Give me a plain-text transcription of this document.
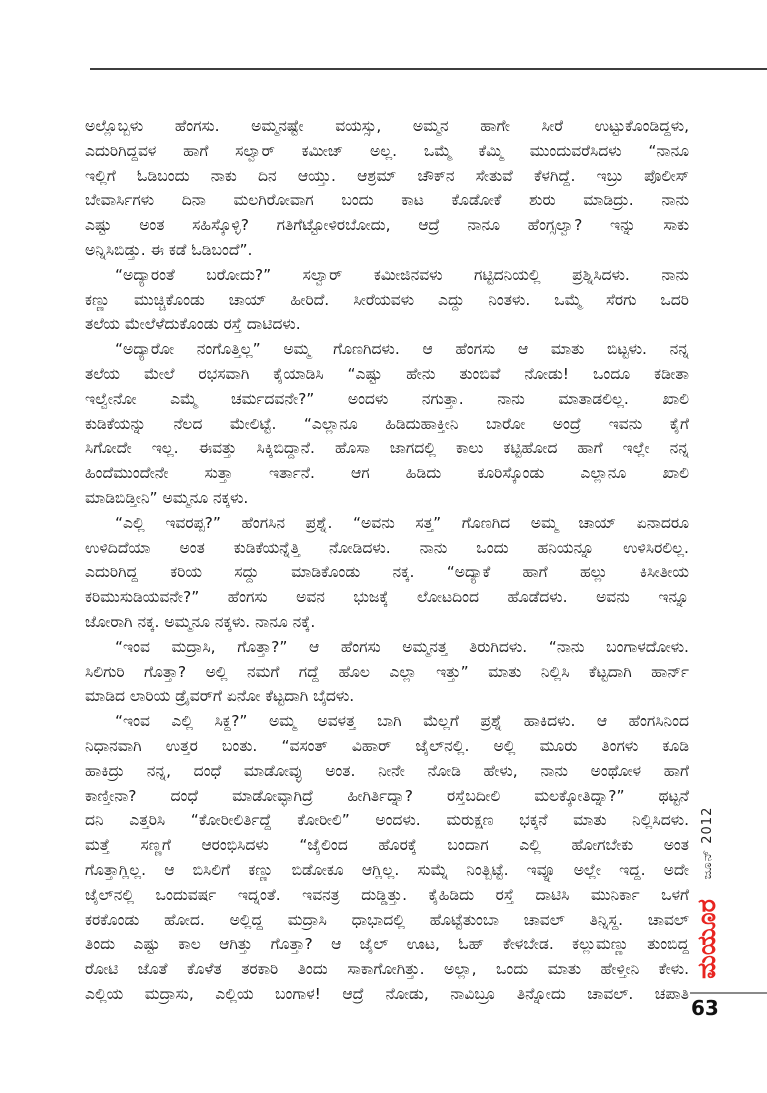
ಅಲ್ಲೊಬ್ಬಳು ಹೆಂಗಸು. ಅಮ್ಮನಷ್ಟೇ ವಯಸ್ಸು, ಅಮ್ಮನ ಹಾಗೇ ಸೀರೆ ಉಟ್ಟುಕೊಂಡಿದ್ದಳು,
ಎದುರಿಗಿದ್ದವಳ ಹಾಗೆ ಸಲ್ವಾರ್ ಕಮೀಜ್ ಅಲ್ಲ. ಒಮ್ಮೆ ಕೆಮ್ಮಿ ಮುಂದುವರೆಸಿದಳು “ನಾನೂ
ಇಲ್ಲಿಗೆ ಓಡಿಬಂದು ನಾಕು ದಿನ ಆಯ್ತು. ಆಶ್ರಮ್ ಚೌಕ್‌ನ ಸೇತುವೆ ಕೆಳಗಿದ್ದೆ. ಇಬ್ರು ಪೊಲೀಸ್
ಬೇವಾರ್ಸಿಗಳು ದಿನಾ ಮಲಗಿರೋವಾಗ ಬಂದು ಕಾಟ ಕೊಡೋಕೆ ಶುರು ಮಾಡಿದ್ರು. ನಾನು
ಎಷ್ಟು ಅಂತ ಸಹಿಸ್ಕೊಳ್ಳಿ? ಗತಿಗೆಟ್ಟೋಳಿರಬೋದು, ಆದ್ರೆ ನಾನೂ ಹೆಂಗ್ಸಲ್ವಾ? ಇನ್ನು ಸಾಕು
ಅನ್ನಿಸಿಬಿಡ್ತು. ಈ ಕಡೆ ಓಡಿಬಂದೆ”.
“ಅದ್ಯಾರಂತೆ ಬರೋದು?” ಸಲ್ವಾರ್ ಕಮೀಜಿನವಳು ಗಟ್ಟಿದನಿಯಲ್ಲಿ ಪ್ರಶ್ನಿಸಿದಳು. ನಾನು
ಕಣ್ಣು ಮುಚ್ಚಿಕೊಂಡು ಚಾಯ್ ಹೀರಿದೆ. ಸೀರೆಯವಳು ಎದ್ದು ನಿಂತಳು. ಒಮ್ಮೆ ಸೆರಗು ಒದರಿ
ತಲೆಯ ಮೇಲೆಳೆದುಕೊಂಡು ರಸ್ತೆ ದಾಟಿದಳು.
“ಅದ್ಯಾರೋ ನಂಗೊತ್ತಿಲ್ಲ” ಅಮ್ಮ ಗೊಣಗಿದಳು. ಆ ಹೆಂಗಸು ಆ ಮಾತು ಬಿಟ್ಟಳು. ನನ್ನ
ತಲೆಯ ಮೇಲೆ ರಭಸವಾಗಿ ಕೈಯಾಡಿಸಿ “ಎಷ್ಟು ಹೇನು ತುಂಬಿವೆ ನೋಡು! ಒಂದೂ ಕಡೀತಾ
ಇಲ್ವೇನೋ ಎಮ್ಮೆ ಚರ್ಮದವನೇ?” ಅಂದಳು ನಗುತ್ತಾ. ನಾನು ಮಾತಾಡಲಿಲ್ಲ. ಖಾಲಿ
ಕುಡಿಕೆಯನ್ನು ನೆಲದ ಮೇಲಿಟ್ಟೆ. “ಎಲ್ಲಾನೂ ಹಿಡಿದುಹಾಕ್ತೀನಿ ಬಾರೋ ಅಂದ್ರೆ ಇವನು ಕೈಗೆ
ಸಿಗೋದೇ ಇಲ್ಲ. ಈವತ್ತು ಸಿಕ್ಕಿಬಿದ್ದಾನೆ. ಹೊಸಾ ಜಾಗದಲ್ಲಿ ಕಾಲು ಕಟ್ಟಿಹೋದ ಹಾಗೆ ಇಲ್ಲೇ ನನ್ನ
ಹಿಂದೆಮುಂದೇನೇ ಸುತ್ತಾ ಇರ್ತಾನೆ. ಆಗ ಹಿಡಿದು ಕೂರಿಸ್ಕೊಂಡು ಎಲ್ಲಾನೂ ಖಾಲಿ
ಮಾಡಿಬಿಡ್ತೀನಿ” ಅಮ್ಮನೂ ನಕ್ಕಳು.
“ಎಲ್ಲಿ ಇವರಪ್ಪ?” ಹೆಂಗಸಿನ ಪ್ರಶ್ನೆ. “ಅವನು ಸತ್ತ” ಗೊಣಗಿದ ಅಮ್ಮ ಚಾಯ್ ಏನಾದರೂ
ಉಳಿದಿದೆಯಾ ಅಂತ ಕುಡಿಕೆಯನ್ನೆತ್ತಿ ನೋಡಿದಳು. ನಾನು ಒಂದು ಹನಿಯನ್ನೂ ಉಳಿಸಿರಲಿಲ್ಲ.
ಎದುರಿಗಿದ್ದ ಕರಿಯ ಸದ್ದು ಮಾಡಿಕೊಂಡು ನಕ್ಕ. “ಅದ್ಯಾಕೆ ಹಾಗೆ ಹಲ್ಲು ಕಿಸೀತೀಯ
ಕರಿಮುಸುಡಿಯವನೇ?” ಹೆಂಗಸು ಅವನ ಭುಜಕ್ಕೆ ಲೋಟದಿಂದ ಹೊಡೆದಳು. ಅವನು ಇನ್ನೂ
ಜೋರಾಗಿ ನಕ್ಕ. ಅಮ್ಮನೂ ನಕ್ಕಳು. ನಾನೂ ನಕ್ಕೆ.
“ಇಂವ ಮದ್ರಾಸಿ, ಗೊತ್ತಾ?” ಆ ಹೆಂಗಸು ಅಮ್ಮನತ್ತ ತಿರುಗಿದಳು. “ನಾನು ಬಂಗಾಳದೋಳು.
ಸಿಲಿಗುರಿ ಗೊತ್ತಾ? ಅಲ್ಲಿ ನಮಗೆ ಗದ್ದೆ ಹೊಲ ಎಲ್ಲಾ ಇತ್ತು” ಮಾತು ನಿಲ್ಲಿಸಿ ಕೆಟ್ಟದಾಗಿ ಹಾರ್ನ್
ಮಾಡಿದ ಲಾರಿಯ ಡ್ರೈವರ್‌ಗೆ ಏನೋ ಕೆಟ್ಟದಾಗಿ ಬೈದಳು.
“ಇಂವ ಎಲ್ಲಿ ಸಿಕ್ದ?” ಅಮ್ಮ ಅವಳತ್ತ ಬಾಗಿ ಮೆಲ್ಲಗೆ ಪ್ರಶ್ನೆ ಹಾಕಿದಳು. ಆ ಹೆಂಗಸಿನಿಂದ
ನಿಧಾನವಾಗಿ ಉತ್ತರ ಬಂತು. “ವಸಂತ್ ವಿಹಾರ್ ಜೈಲ್‌ನಲ್ಲಿ. ಅಲ್ಲಿ ಮೂರು ತಿಂಗಳು ಕೂಡಿ
ಹಾಕಿದ್ರು ನನ್ನ, ದಂಧೆ ಮಾಡೋವ್ಳು ಅಂತ. ನೀನೇ ನೋಡಿ ಹೇಳು, ನಾನು ಅಂಥೋಳ ಹಾಗೆ
ಕಾಣ್ತೀನಾ? ದಂಧೆ ಮಾಡೋವ್ಳಾಗಿದ್ರೆ ಹೀಗಿರ್ತಿದ್ನಾ? ರಸ್ತೆಬದೀಲಿ ಮಲಕ್ಕೋತಿದ್ನಾ?” ಥಟ್ಟನೆ
ದನಿ ಎತ್ತರಿಸಿ “ಕೋರೀಲಿರ್ತಿದ್ದೆ ಕೋರೀಲಿ” ಅಂದಳು. ಮರುಕ್ಷಣ ಭಕ್ಕನೆ ಮಾತು ನಿಲ್ಲಿಸಿದಳು.
ಮತ್ತೆ ಸಣ್ಣಗೆ ಆರಂಭಿಸಿದಳು “ಜೈಲಿಂದ ಹೊರಕ್ಕೆ ಬಂದಾಗ ಎಲ್ಲಿ ಹೋಗಬೇಕು ಅಂತ
ಗೊತ್ತಾಗ್ಲಿಲ್ಲ. ಆ ಬಿಸಿಲಿಗೆ ಕಣ್ಣು ಬಿಡೋಕೂ ಆಗ್ಲಿಲ್ಲ. ಸುಮ್ನೆ ನಿಂತ್ಬಿಟ್ಟೆ. ಇವ್ನೂ ಅಲ್ಲೇ ಇದ್ದ. ಅದೇ
ಜೈಲ್‌ನಲ್ಲಿ ಒಂದುವರ್ಷ ಇದ್ನಂತೆ. ಇವನತ್ರ ದುಡ್ಡಿತ್ತು. ಕೈಹಿಡಿದು ರಸ್ತೆ ದಾಟಿಸಿ ಮುನಿರ್ಕಾ ಒಳಗೆ
ಕರಕೊಂಡು ಹೋದ. ಅಲ್ಲಿದ್ದ ಮದ್ರಾಸಿ ಧಾಭಾದಲ್ಲಿ ಹೊಟ್ಟೆತುಂಬಾ ಚಾವಲ್ ತಿನ್ನಿಸ್ದ. ಚಾವಲ್
ತಿಂದು ಎಷ್ಟು ಕಾಲ ಆಗಿತ್ತು ಗೊತ್ತಾ? ಆ ಜೈಲ್ ಊಟ, ಓಹ್ ಕೇಳಬೇಡ. ಕಲ್ಲುಮಣ್ಣು ತುಂಬಿದ್ದ
ರೋಟಿ ಜೊತೆ ಕೊಳೆತ ತರಕಾರಿ ತಿಂದು ಸಾಕಾಗೋಗಿತ್ತು. ಅಲ್ಲಾ, ಒಂದು ಮಾತು ಹೇಳ್ತೀನಿ ಕೇಳು.
ಎಲ್ಲಿಯ ಮದ್ರಾಸು, ಎಲ್ಲಿಯ ಬಂಗಾಳ! ಆದ್ರೆ ನೋಡು, ನಾವಿಬ್ರೂ ತಿನ್ನೋದು ಚಾವಲ್. ಚಪಾತಿ
ಜೂನ್ 2012
ಮಯೂರ
63
